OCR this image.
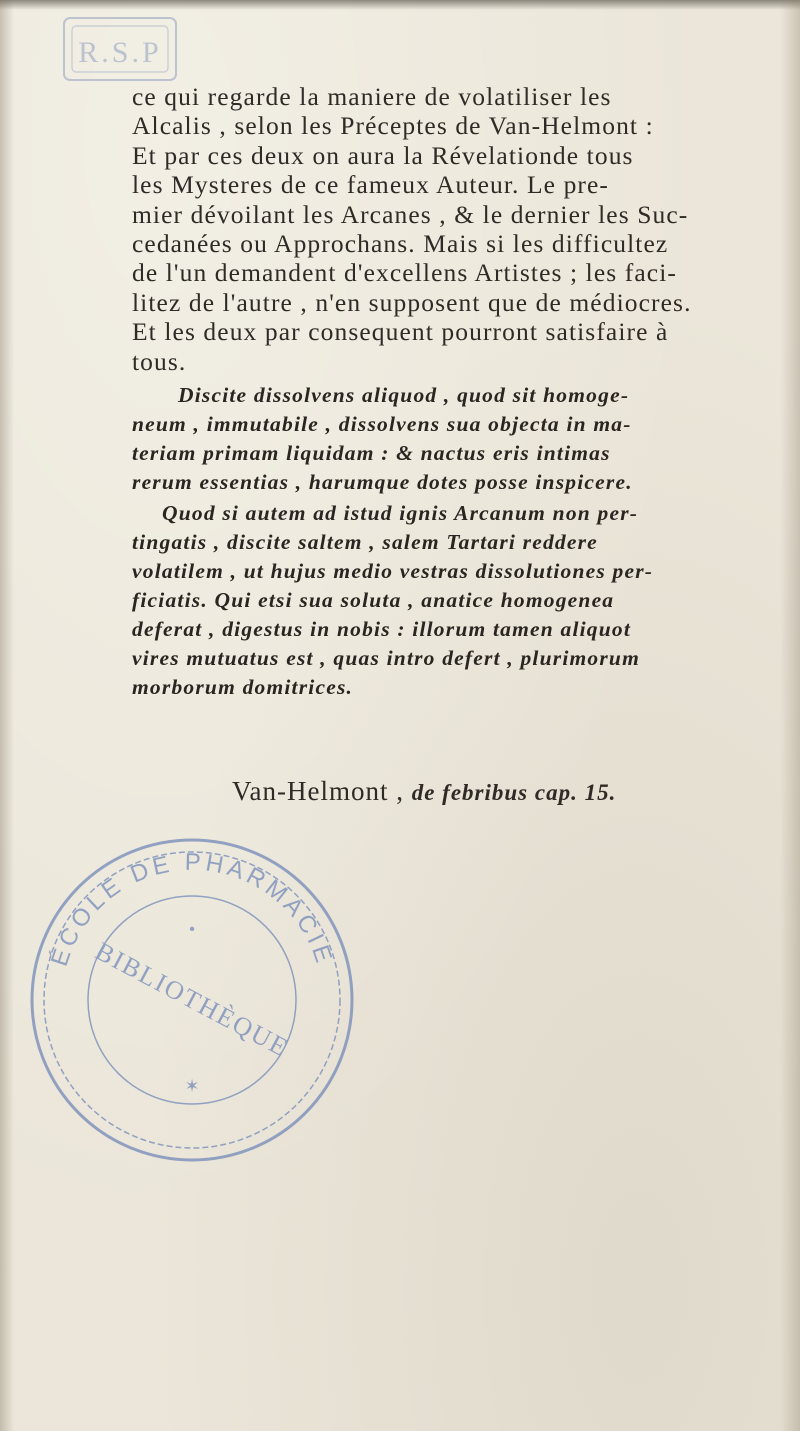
R.S.P

ce qui regarde la maniere de volatiliser les
Alcalis , selon les Préceptes de Van-Helmont :
Et par ces deux on aura la Révelationde tous
les Mysteres de ce fameux Auteur. Le pre-
mier dévoilant les Arcanes , & le dernier les Suc-
cedanées ou Approchans. Mais si les difficultez
de l'un demandent d'excellens Artistes ; les faci-
litez de l'autre , n'en supposent que de médiocres.
Et les deux par consequent pourront satisfaire à
tous.

Discite dissolvens aliquod , quod sit homoge-
neum , immutabile , dissolvens sua objecta in ma-
teriam primam liquidam : & nactus eris intimas
rerum essentias , harumque dotes posse inspicere.

Quod si autem ad istud ignis Arcanum non per-
tingatis , discite saltem , salem Tartari reddere
volatilem , ut hujus medio vestras dissolutiones per-
ficiatis. Qui etsi sua soluta , anatice homogenea
deferat , digestus in nobis : illorum tamen aliquot
vires mutuatus est , quas intro defert , plurimorum
morborum domitrices.

Van-Helmont , de febribus cap. 15.
ÉCOLE DE PHARMACIE
BIBLIOTHÈQUE
✶
•
